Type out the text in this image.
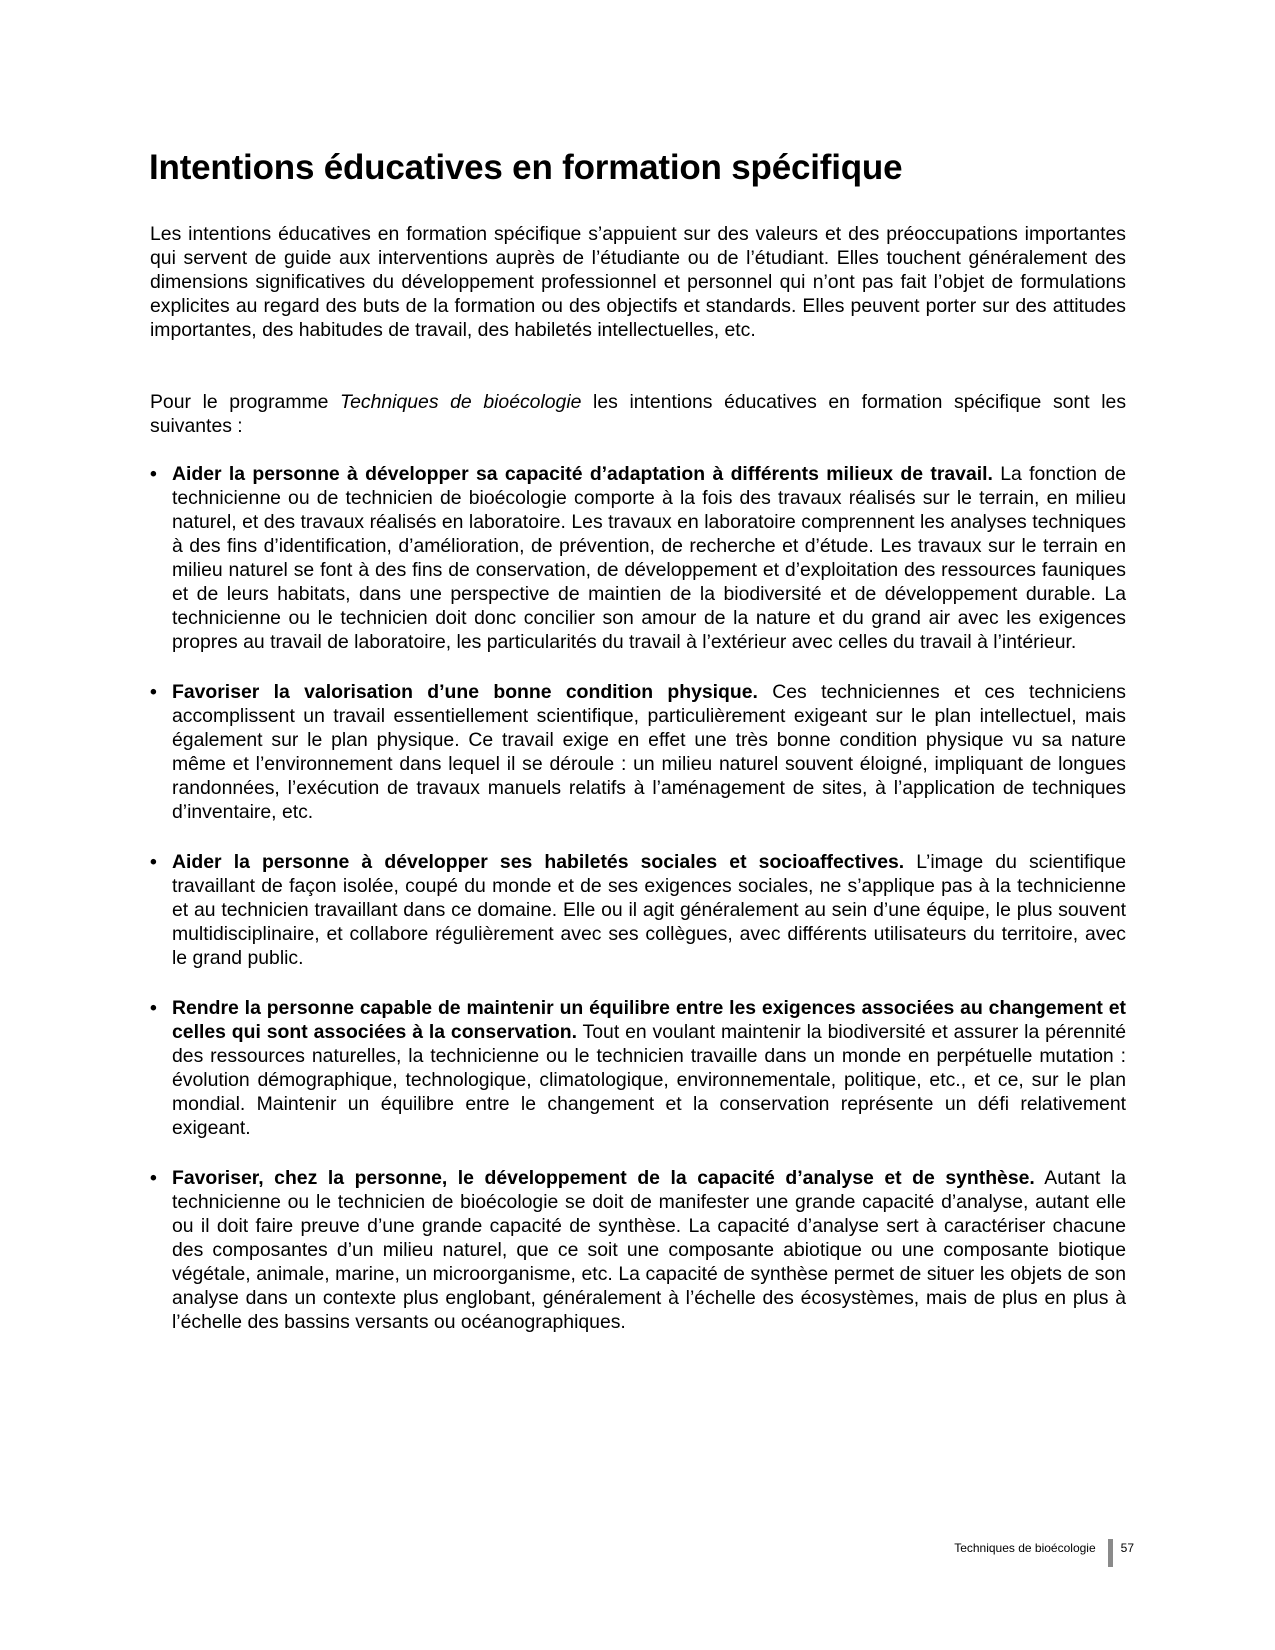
Intentions éducatives en formation spécifique

Les intentions éducatives en formation spécifique s’appuient sur des valeurs et des préoccupations importantes qui servent de guide aux interventions auprès de l’étudiante ou de l’étudiant. Elles touchent généralement des dimensions significatives du développement professionnel et personnel qui n’ont pas fait l’objet de formulations explicites au regard des buts de la formation ou des objectifs et standards. Elles peuvent porter sur des attitudes importantes, des habitudes de travail, des habiletés intellectuelles, etc.

Pour le programme Techniques de bioécologie les intentions éducatives en formation spécifique sont les suivantes :

• Aider la personne à développer sa capacité d’adaptation à différents milieux de travail. La fonction de technicienne ou de technicien de bioécologie comporte à la fois des travaux réalisés sur le terrain, en milieu naturel, et des travaux réalisés en laboratoire. Les travaux en laboratoire comprennent les analyses techniques à des fins d’identification, d’amélioration, de prévention, de recherche et d’étude. Les travaux sur le terrain en milieu naturel se font à des fins de conservation, de développement et d’exploitation des ressources fauniques et de leurs habitats, dans une perspective de maintien de la biodiversité et de développement durable. La technicienne ou le technicien doit donc concilier son amour de la nature et du grand air avec les exigences propres au travail de laboratoire, les particularités du travail à l’extérieur avec celles du travail à l’intérieur.
• Favoriser la valorisation d’une bonne condition physique. Ces techniciennes et ces techniciens accomplissent un travail essentiellement scientifique, particulièrement exigeant sur le plan intellectuel, mais également sur le plan physique. Ce travail exige en effet une très bonne condition physique vu sa nature même et l’environnement dans lequel il se déroule : un milieu naturel souvent éloigné, impliquant de longues randonnées, l’exécution de travaux manuels relatifs à l’aménagement de sites, à l’application de techniques d’inventaire, etc.
• Aider la personne à développer ses habiletés sociales et socioaffectives. L’image du scientifique travaillant de façon isolée, coupé du monde et de ses exigences sociales, ne s’applique pas à la technicienne et au technicien travaillant dans ce domaine. Elle ou il agit généralement au sein d’une équipe, le plus souvent multidisciplinaire, et collabore régulièrement avec ses collègues, avec différents utilisateurs du territoire, avec le grand public.
• Rendre la personne capable de maintenir un équilibre entre les exigences associées au changement et celles qui sont associées à la conservation. Tout en voulant maintenir la biodiversité et assurer la pérennité des ressources naturelles, la technicienne ou le technicien travaille dans un monde en perpétuelle mutation : évolution démographique, technologique, climatologique, environnementale, politique, etc., et ce, sur le plan mondial. Maintenir un équilibre entre le changement et la conservation représente un défi relativement exigeant.
• Favoriser, chez la personne, le développement de la capacité d’analyse et de synthèse. Autant la technicienne ou le technicien de bioécologie se doit de manifester une grande capacité d’analyse, autant elle ou il doit faire preuve d’une grande capacité de synthèse. La capacité d’analyse sert à caractériser chacune des composantes d’un milieu naturel, que ce soit une composante abiotique ou une composante biotique végétale, animale, marine, un microorganisme, etc. La capacité de synthèse permet de situer les objets de son analyse dans un contexte plus englobant, généralement à l’échelle des écosystèmes, mais de plus en plus à l’échelle des bassins versants ou océanographiques.
Techniques de bioécologie 57
